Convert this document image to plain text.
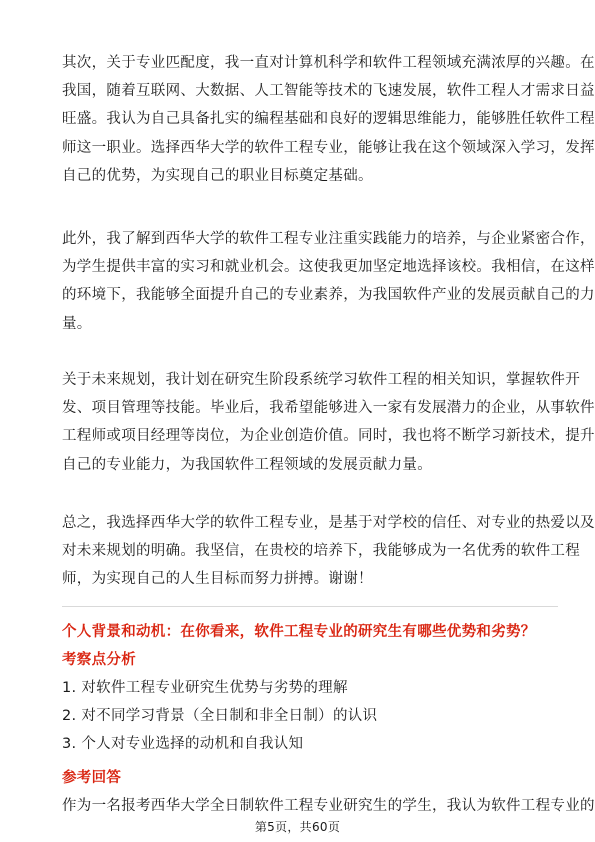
其次，关于专业匹配度，我一直对计算机科学和软件工程领域充满浓厚的兴趣。在
我国，随着互联网、大数据、人工智能等技术的飞速发展，软件工程人才需求日益
旺盛。我认为自己具备扎实的编程基础和良好的逻辑思维能力，能够胜任软件工程
师这一职业。选择西华大学的软件工程专业，能够让我在这个领域深入学习，发挥
自己的优势，为实现自己的职业目标奠定基础。
此外，我了解到西华大学的软件工程专业注重实践能力的培养，与企业紧密合作，
为学生提供丰富的实习和就业机会。这使我更加坚定地选择该校。我相信，在这样
的环境下，我能够全面提升自己的专业素养，为我国软件产业的发展贡献自己的力
量。
关于未来规划，我计划在研究生阶段系统学习软件工程的相关知识，掌握软件开
发、项目管理等技能。毕业后，我希望能够进入一家有发展潜力的企业，从事软件
工程师或项目经理等岗位，为企业创造价值。同时，我也将不断学习新技术，提升
自己的专业能力，为我国软件工程领域的发展贡献力量。
总之，我选择西华大学的软件工程专业，是基于对学校的信任、对专业的热爱以及
对未来规划的明确。我坚信，在贵校的培养下，我能够成为一名优秀的软件工程
师，为实现自己的人生目标而努力拼搏。谢谢！
个人背景和动机：在你看来，软件工程专业的研究生有哪些优势和劣势？
考察点分析
1. 对软件工程专业研究生优势与劣势的理解
2. 对不同学习背景（全日制和非全日制）的认识
3. 个人对专业选择的动机和自我认知
参考回答
作为一名报考西华大学全日制软件工程专业研究生的学生，我认为软件工程专业的
第5页，共60页
